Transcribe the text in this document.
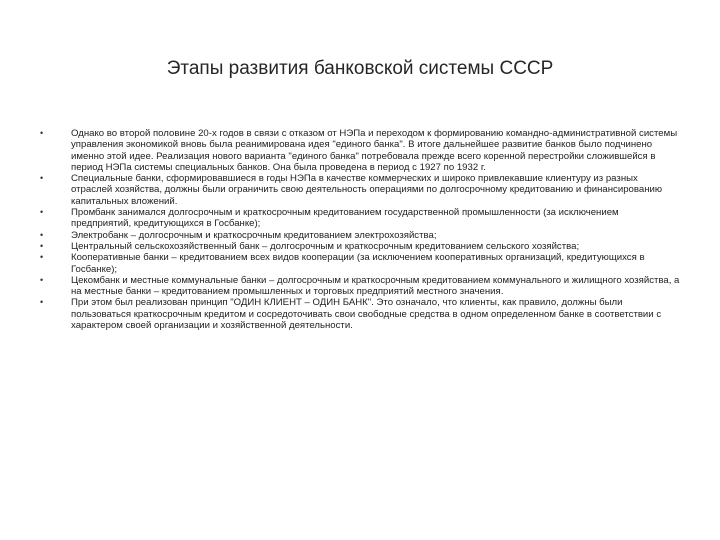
Этапы развития банковской системы СССР
•	Однако во второй половине 20-х годов в связи с отказом от НЭПа и переходом к формированию командно-административной системы управления экономикой вновь была реанимирована идея "единого банка". В итоге дальнейшее развитие банков было подчинено именно этой идее. Реализация нового варианта "единого банка" потребовала прежде всего коренной перестройки сложившейся в период НЭПа системы специальных банков. Она была проведена в период с 1927 по 1932 г.
•	Специальные банки, сформировавшиеся в годы НЭПа в качестве коммерческих и широко привлекавшие клиентуру из разных отраслей хозяйства, должны были ограничить свою деятельность операциями по долгосрочному кредитованию и финансированию капитальных вложений.
•	Промбанк занимался долгосрочным и краткосрочным кредитованием государственной промышленности (за исключением предприятий, кредитующихся в Госбанке);
•	Электробанк – долгосрочным и краткосрочным кредитованием электрохозяйства;
•	Центральный сельскохозяйственный банк – долгосрочным и краткосрочным кредитованием сельского хозяйства;
•	Кооперативные банки – кредитованием всех видов кооперации (за исключением кооперативных организаций, кредитующихся в Госбанке);
•	Цекомбанк и местные коммунальные банки – долгосрочным и краткосрочным кредитованием коммунального и жилищного хозяйства, а на местные банки – кредитованием промышленных и торговых предприятий местного значения.
•	При этом был реализован принцип "ОДИН КЛИЕНТ – ОДИН БАНК". Это означало, что клиенты, как правило, должны были пользоваться краткосрочным кредитом и сосредоточивать свои свободные средства в одном определенном банке в соответствии с характером своей организации и хозяйственной деятельности.
